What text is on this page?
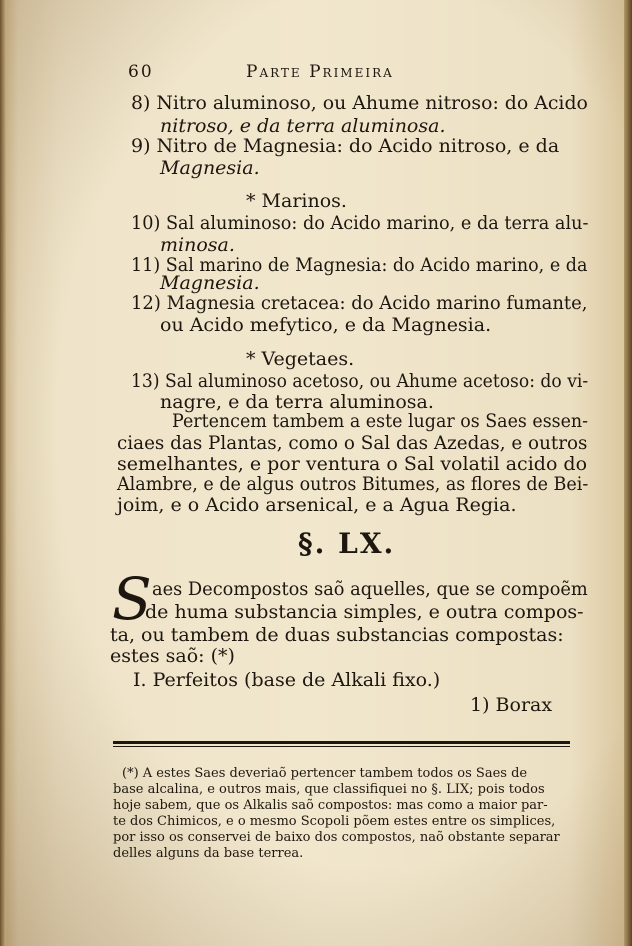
60	Parte Primeira
8) Nitro aluminoso, ou Ahume nitroso: do Acido
nitroso, e da terra aluminosa.
9) Nitro de Magnesia: do Acido nitroso, e da
Magnesia.
* Marinos.
10) Sal aluminoso: do Acido marino, e da terra alu-
minosa.
11) Sal marino de Magnesia: do Acido marino, e da
Magnesia.
12) Magnesia cretacea: do Acido marino fumante,
ou Acido mefytico, e da Magnesia.
* Vegetaes.
13) Sal aluminoso acetoso, ou Ahume acetoso: do vi-
nagre, e da terra aluminosa.
Pertencem tambem a este lugar os Saes essen-
ciaes das Plantas, como o Sal das Azedas, e outros
semelhantes, e por ventura o Sal volatil acido do
Alambre, e de algus outros Bitumes, as flores de Bei-
joim, e o Acido arsenical, e a Agua Regia.
§. LX.
S aes Decompostos saõ aquelles, que se compoẽm
de huma substancia simples, e outra compos-
ta, ou tambem de duas substancias compostas:
estes saõ: (*)
I. Perfeitos (base de Alkali fixo.)
1) Borax
(*) A estes Saes deveriaõ pertencer tambem todos os Saes de
base alcalina, e outros mais, que classifiquei no §. LIX; pois todos
hoje sabem, que os Alkalis saõ compostos: mas como a maior par-
te dos Chimicos, e o mesmo Scopoli põem estes entre os simplices,
por isso os conservei de baixo dos compostos, naõ obstante separar
delles alguns da base terrea.
